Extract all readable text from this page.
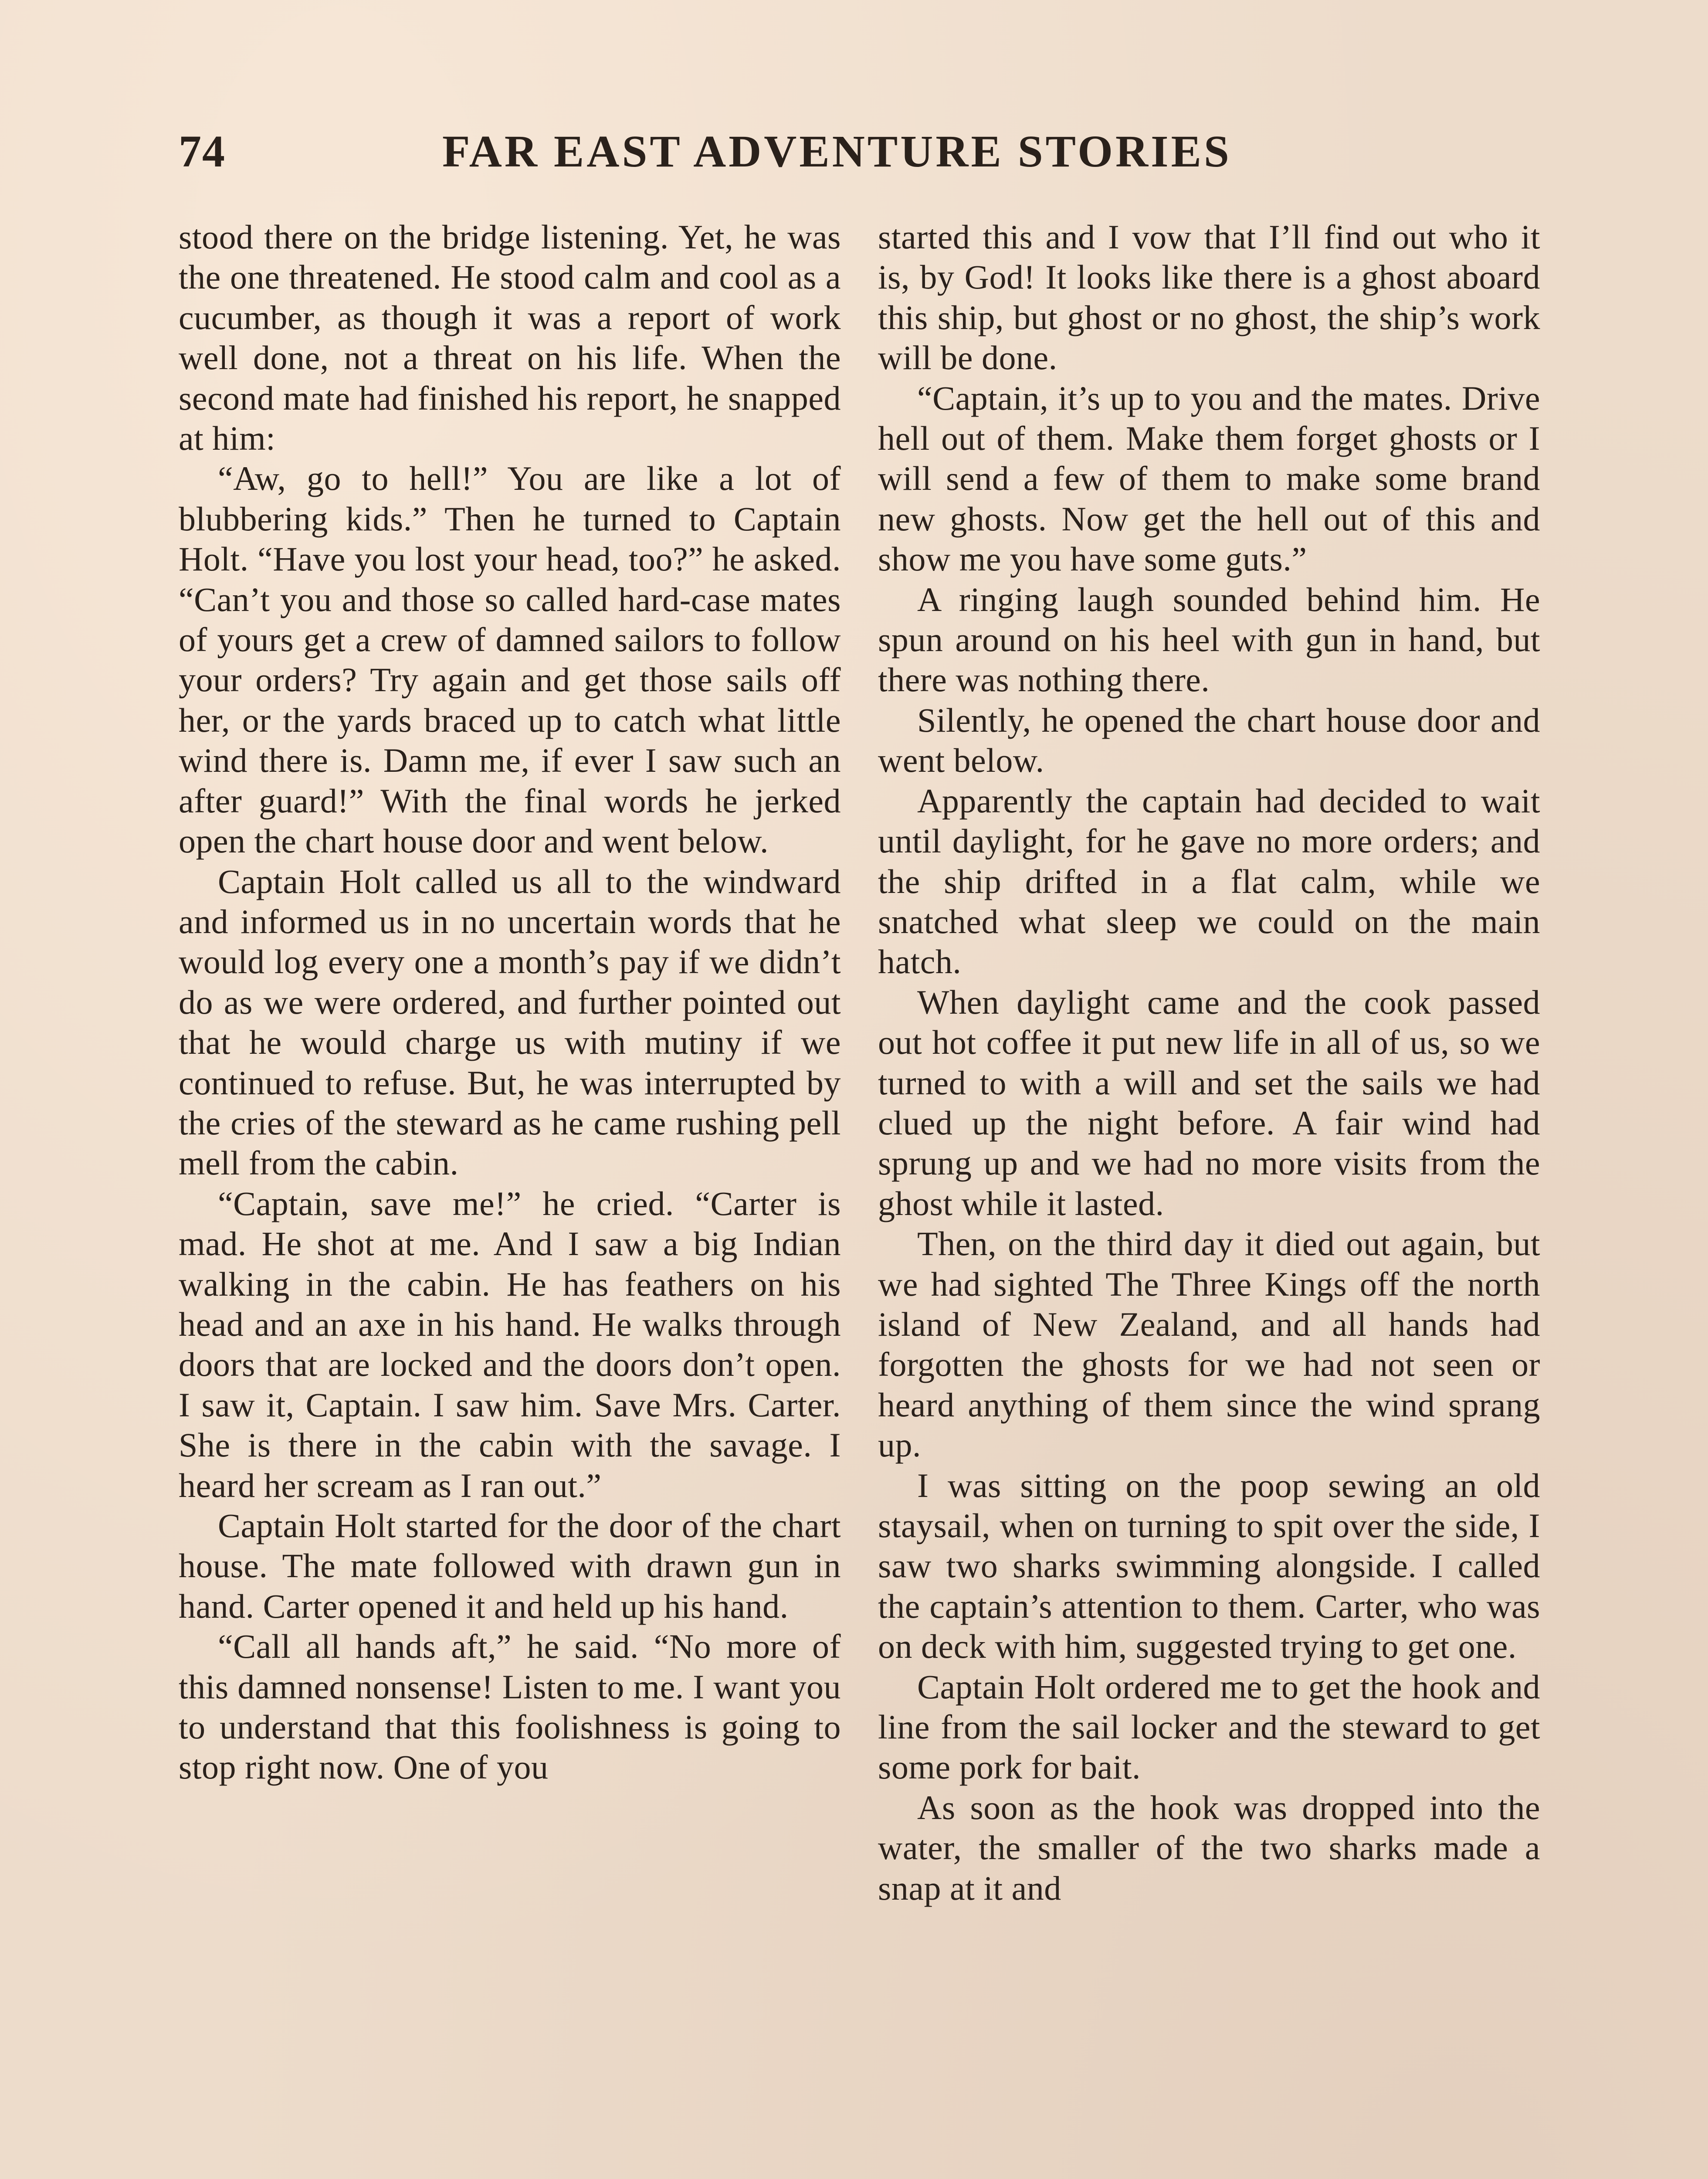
74	FAR EAST ADVENTURE STORIES

stood there on the bridge listening. Yet, he was the one threatened. He stood calm and cool as a cucumber, as though it was a report of work well done, not a threat on his life. When the second mate had finished his report, he snapped at him:

“Aw, go to hell!” You are like a lot of blubbering kids.” Then he turned to Captain Holt. “Have you lost your head, too?” he asked. “Can’t you and those so called hard-case mates of yours get a crew of damned sailors to follow your orders? Try again and get those sails off her, or the yards braced up to catch what little wind there is. Damn me, if ever I saw such an after guard!” With the final words he jerked open the chart house door and went below.

Captain Holt called us all to the windward and informed us in no uncertain words that he would log every one a month’s pay if we didn’t do as we were ordered, and further pointed out that he would charge us with mutiny if we continued to refuse. But, he was interrupted by the cries of the steward as he came rushing pell mell from the cabin.

“Captain, save me!” he cried. “Carter is mad. He shot at me. And I saw a big Indian walking in the cabin. He has feathers on his head and an axe in his hand. He walks through doors that are locked and the doors don’t open. I saw it, Captain. I saw him. Save Mrs. Carter. She is there in the cabin with the savage. I heard her scream as I ran out.”

Captain Holt started for the door of the chart house. The mate followed with drawn gun in hand. Carter opened it and held up his hand.

“Call all hands aft,” he said. “No more of this damned nonsense! Listen to me. I want you to understand that this foolishness is going to stop right now. One of you

started this and I vow that I’ll find out who it is, by God! It looks like there is a ghost aboard this ship, but ghost or no ghost, the ship’s work will be done.

“Captain, it’s up to you and the mates. Drive hell out of them. Make them forget ghosts or I will send a few of them to make some brand new ghosts. Now get the hell out of this and show me you have some guts.”

A ringing laugh sounded behind him. He spun around on his heel with gun in hand, but there was nothing there.

Silently, he opened the chart house door and went below.

Apparently the captain had decided to wait until daylight, for he gave no more orders; and the ship drifted in a flat calm, while we snatched what sleep we could on the main hatch.

When daylight came and the cook passed out hot coffee it put new life in all of us, so we turned to with a will and set the sails we had clued up the night before. A fair wind had sprung up and we had no more visits from the ghost while it lasted.

Then, on the third day it died out again, but we had sighted The Three Kings off the north island of New Zealand, and all hands had forgotten the ghosts for we had not seen or heard anything of them since the wind sprang up.

I was sitting on the poop sewing an old staysail, when on turning to spit over the side, I saw two sharks swimming alongside. I called the captain’s attention to them. Carter, who was on deck with him, suggested trying to get one.

Captain Holt ordered me to get the hook and line from the sail locker and the steward to get some pork for bait.

As soon as the hook was dropped into the water, the smaller of the two sharks made a snap at it and
